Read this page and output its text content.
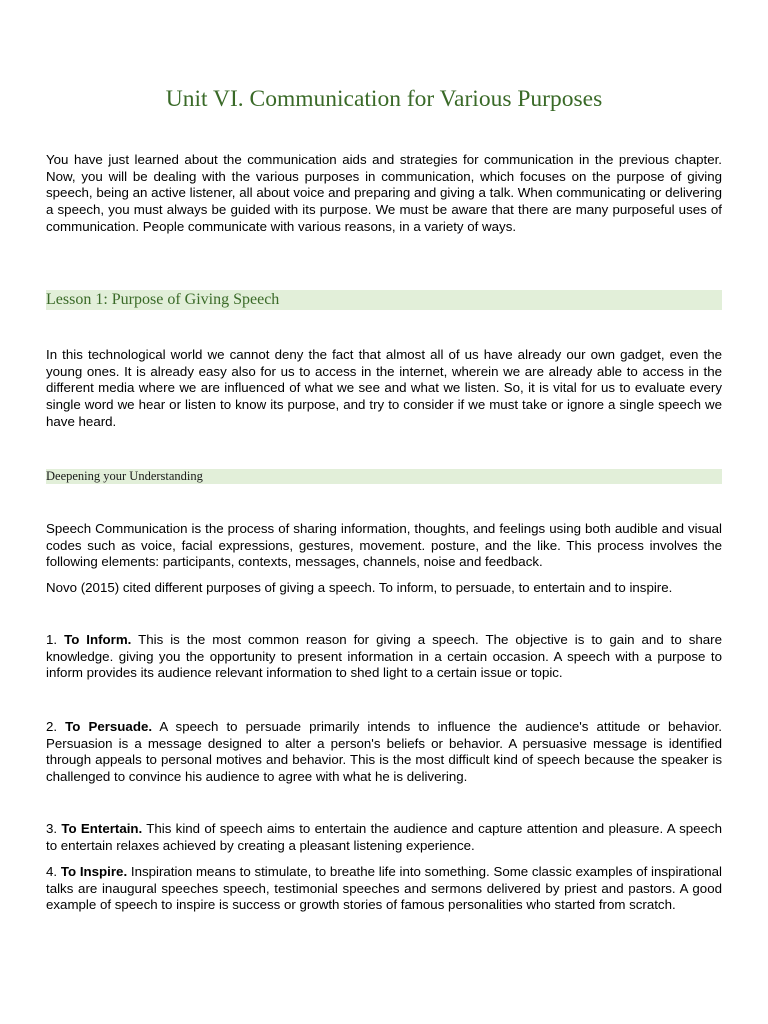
Unit VI. Communication for Various Purposes

You have just learned about the communication aids and strategies for communication in the previous chapter. Now, you will be dealing with the various purposes in communication, which focuses on the purpose of giving speech, being an active listener, all about voice and preparing and giving a talk. When communicating or delivering a speech, you must always be guided with its purpose. We must be aware that there are many purposeful uses of communication. People communicate with various reasons, in a variety of ways.

Lesson 1: Purpose of Giving Speech

In this technological world we cannot deny the fact that almost all of us have already our own gadget, even the young ones. It is already easy also for us to access in the internet, wherein we are already able to access in the different media where we are influenced of what we see and what we listen. So, it is vital for us to evaluate every single word we hear or listen to know its purpose, and try to consider if we must take or ignore a single speech we have heard.

Deepening your Understanding

Speech Communication is the process of sharing information, thoughts, and feelings using both audible and visual codes such as voice, facial expressions, gestures, movement. posture, and the like. This process involves the following elements: participants, contexts, messages, channels, noise and feedback.

Novo (2015) cited different purposes of giving a speech. To inform, to persuade, to entertain and to inspire.

1. To Inform. This is the most common reason for giving a speech. The objective is to gain and to share knowledge. giving you the opportunity to present information in a certain occasion. A speech with a purpose to inform provides its audience relevant information to shed light to a certain issue or topic.

2. To Persuade. A speech to persuade primarily intends to influence the audience's attitude or behavior. Persuasion is a message designed to alter a person's beliefs or behavior. A persuasive message is identified through appeals to personal motives and behavior. This is the most difficult kind of speech because the speaker is challenged to convince his audience to agree with what he is delivering.

3. To Entertain. This kind of speech aims to entertain the audience and capture attention and pleasure. A speech to entertain relaxes achieved by creating a pleasant listening experience.

4. To Inspire. Inspiration means to stimulate, to breathe life into something. Some classic examples of inspirational talks are inaugural speeches speech, testimonial speeches and sermons delivered by priest and pastors. A good example of speech to inspire is success or growth stories of famous personalities who started from scratch.
